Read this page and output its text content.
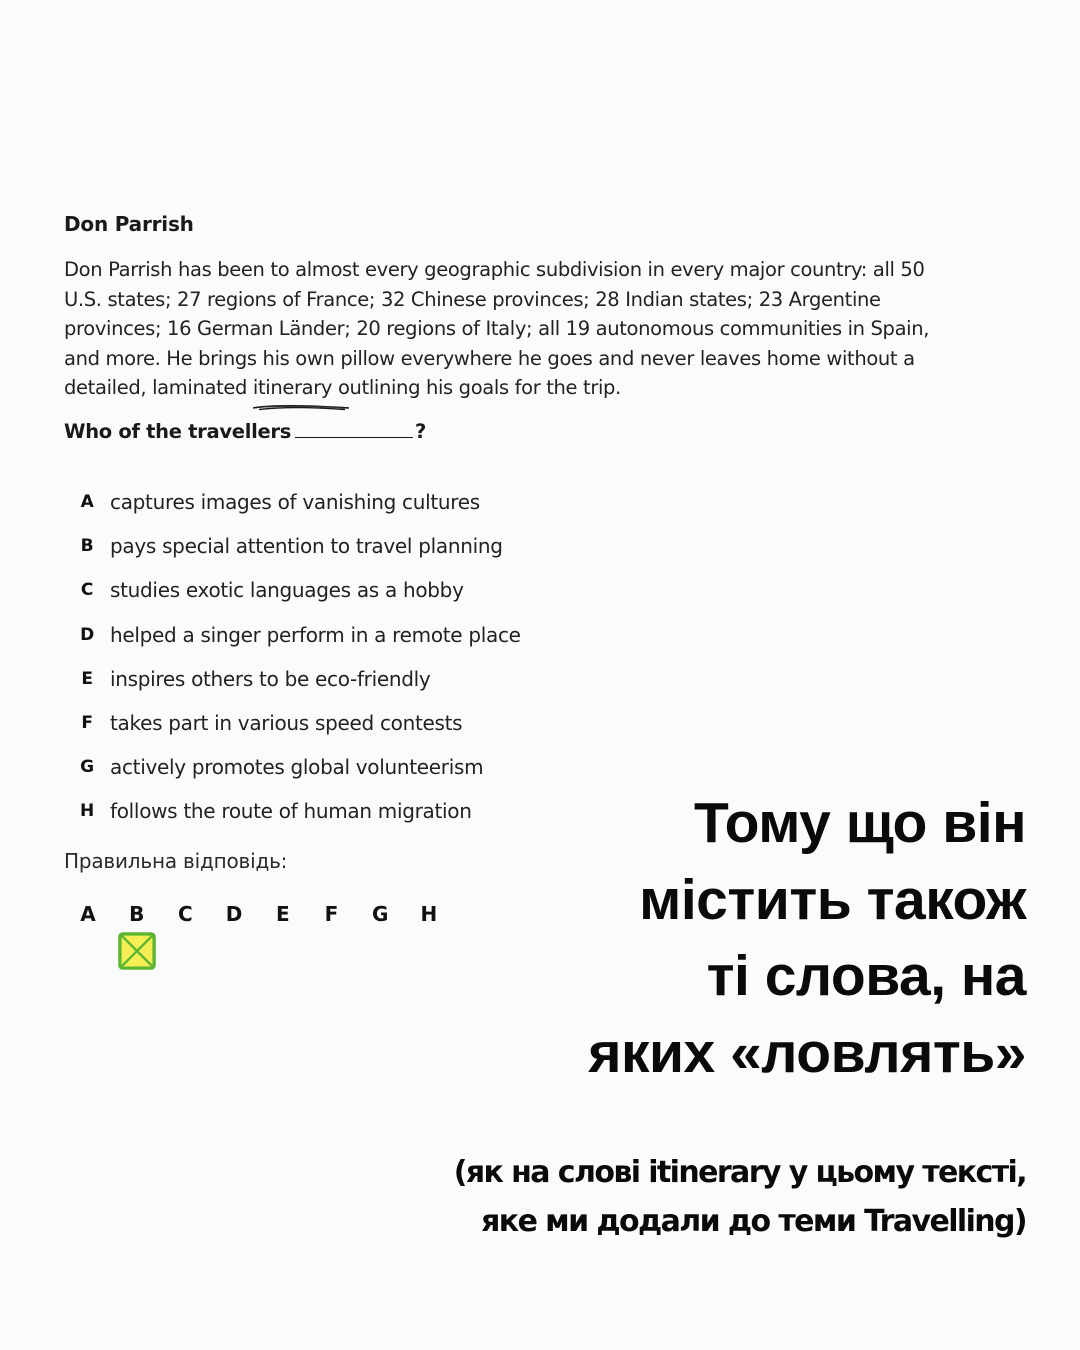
Don Parrish

Don Parrish has been to almost every geographic subdivision in every major country: all 50
U.S. states; 27 regions of France; 32 Chinese provinces; 28 Indian states; 23 Argentine
provinces; 16 German Länder; 20 regions of Italy; all 19 autonomous communities in Spain,
and more. He brings his own pillow everywhere he goes and never leaves home without a
detailed, laminated itinerary
outlining his goals for the trip.

Who of the travellers	?
A captures images of vanishing cultures
B pays special attention to travel planning
C studies exotic languages as a hobby
D helped a singer perform in a remote place
E inspires others to be eco-friendly
F takes part in various speed contests
G actively promotes global volunteerism
H follows the route of human migration
Правильна відповідь:
A	B	C	D	E	F	G	H
Тому що він
містить також
ті слова, на
яких «ловлять»
(як на слові itinerary у цьому тексті,
яке ми додали до теми Travelling)
